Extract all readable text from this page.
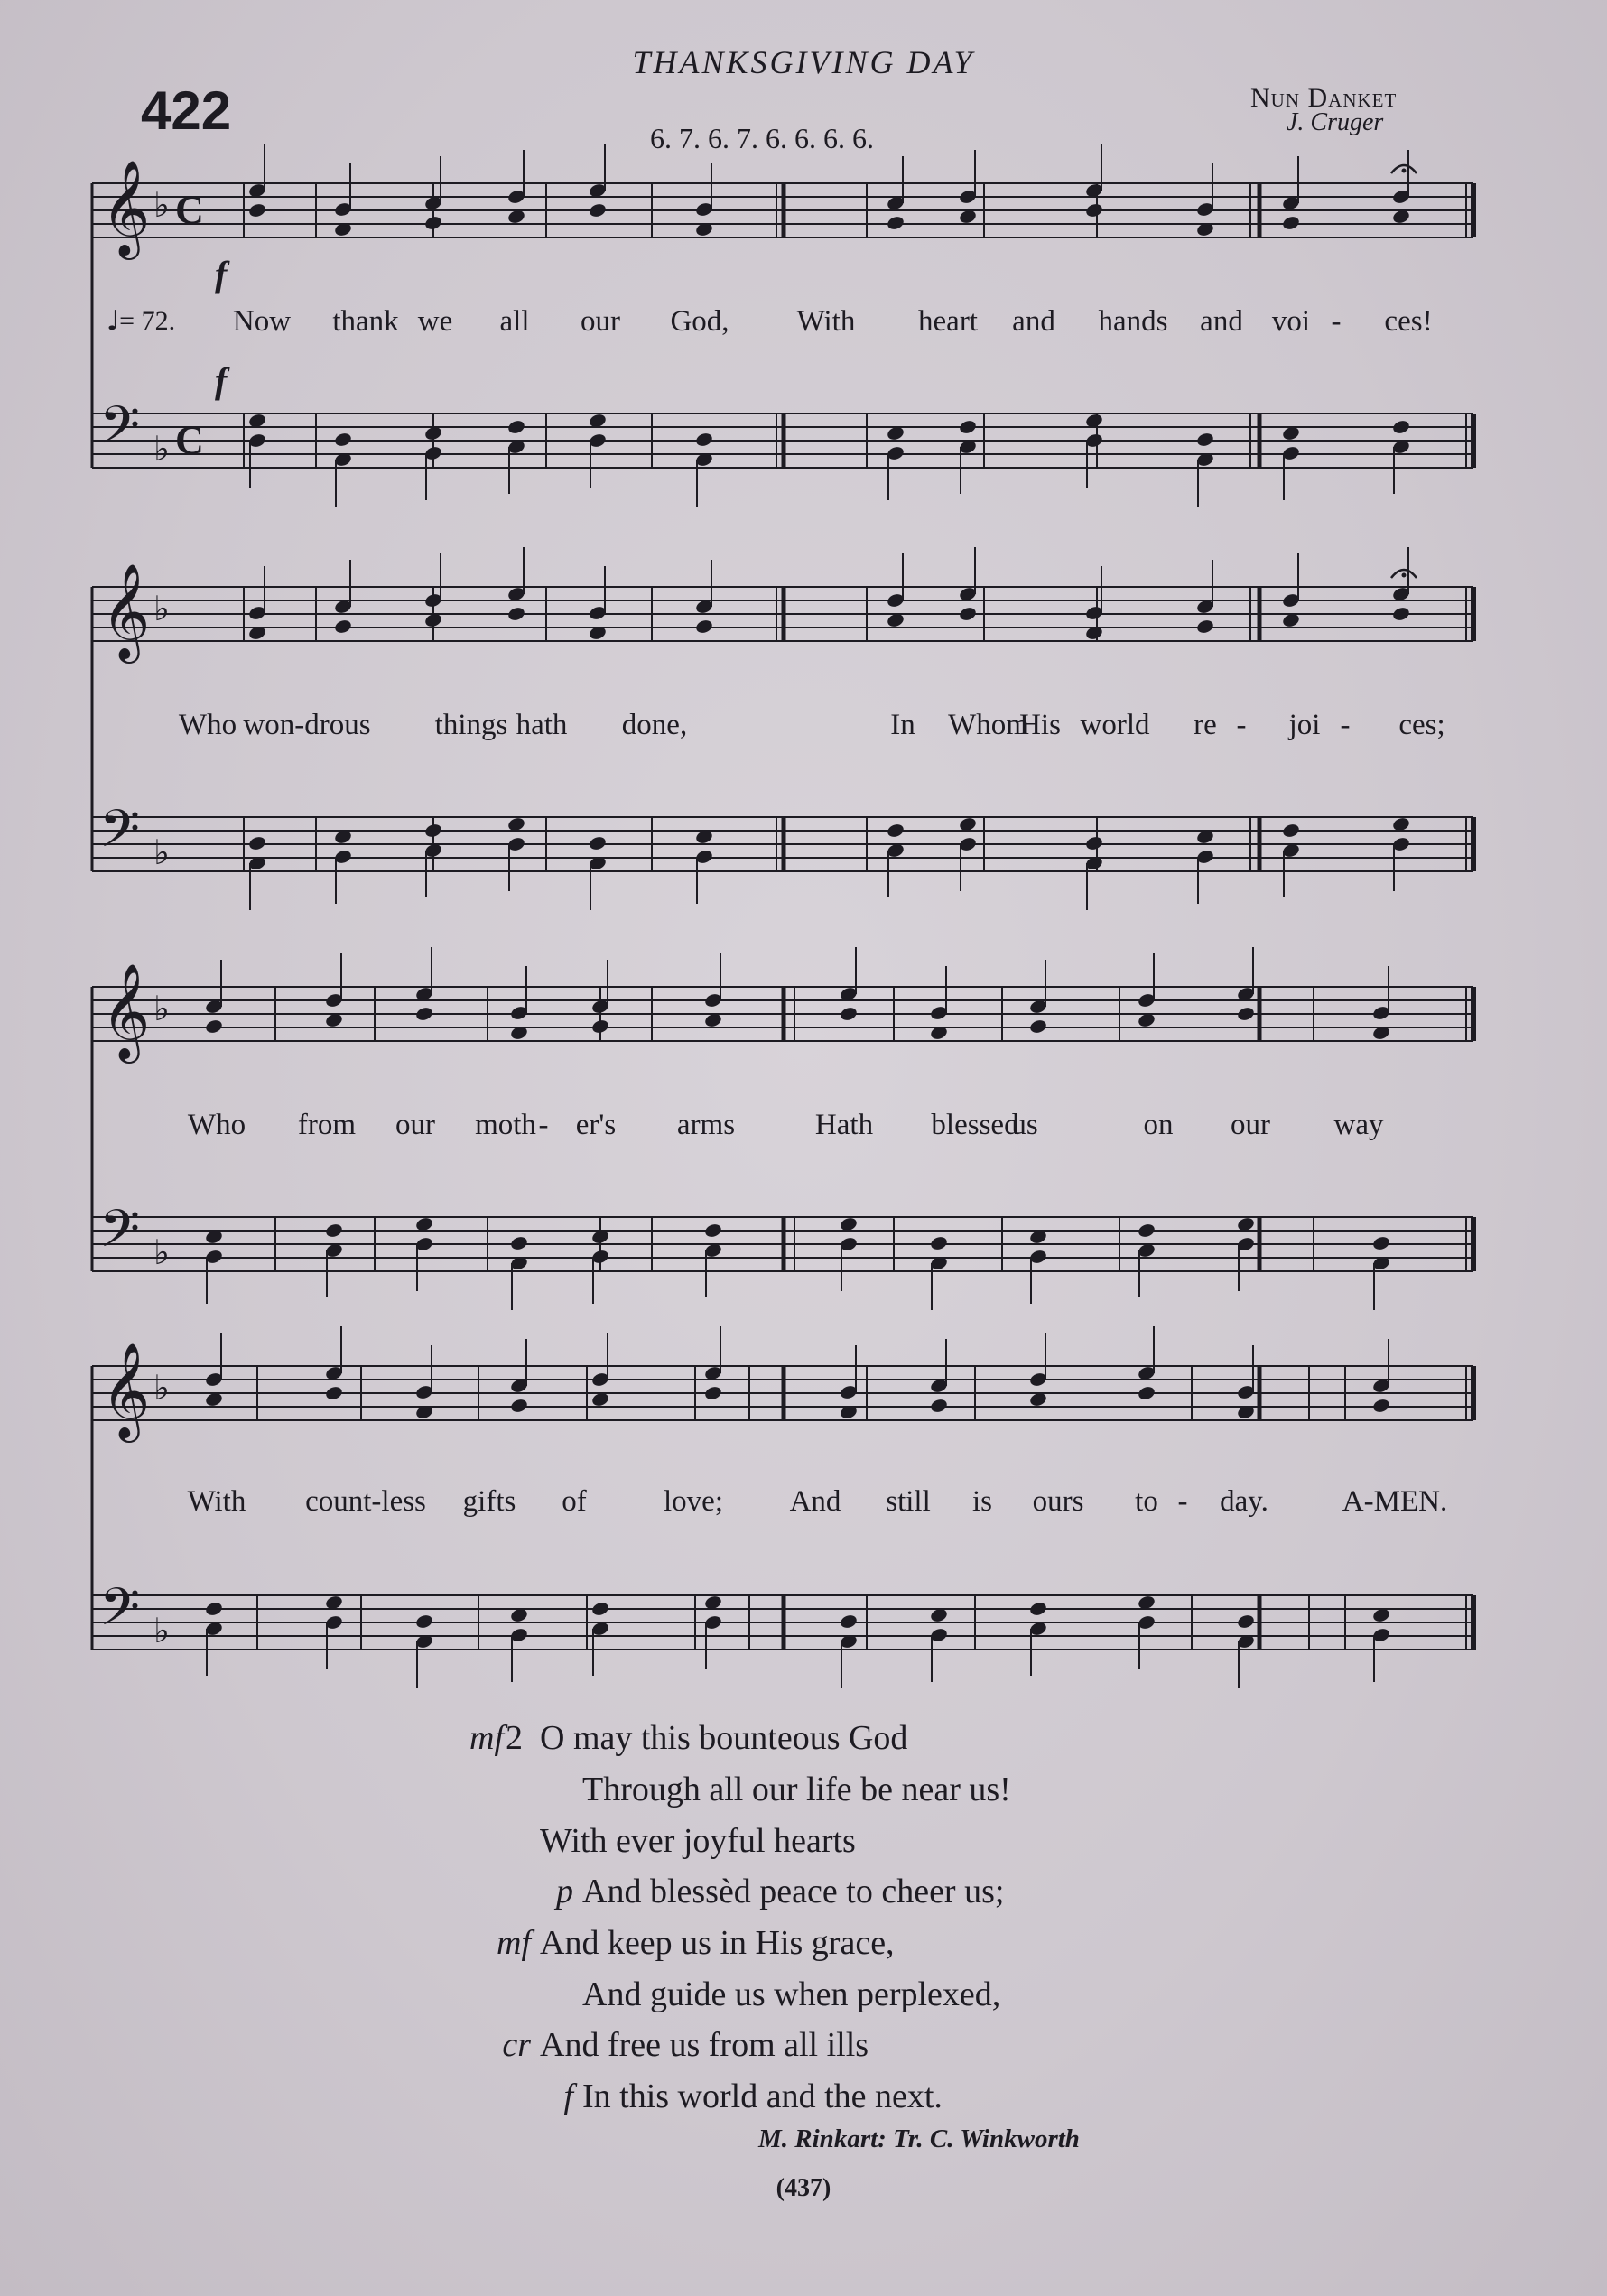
THANKSGIVING DAY
422	6. 7. 6. 7. 6. 6. 6. 6.
Nun Danket
J. Cruger
𝄞
𝄢
♭
♭
C
C
𝄞
𝄢
♭
♭
𝄞
𝄢
♭
♭
𝄞
𝄢
♭
♭
f
f
♩= 72. Now thank we all our God, With heart and hands and voi - ces!
Who won-drous things hath done,	In Whom
His world re - joi - ces;
Who from our moth - er's arms	Hath blessed
us	on our way
With count-less gifts of	love; And still is ours to - day. A-MEN.
mf 2 O may this bounteous God
Through all our life be near us!
With ever joyful hearts
p And blessèd peace to cheer us;
mf And keep us in His grace,
And guide us when perplexed,
cr And free us from all ills
f In this world and the next.
M. Rinkart: Tr. C. Winkworth
(437)
